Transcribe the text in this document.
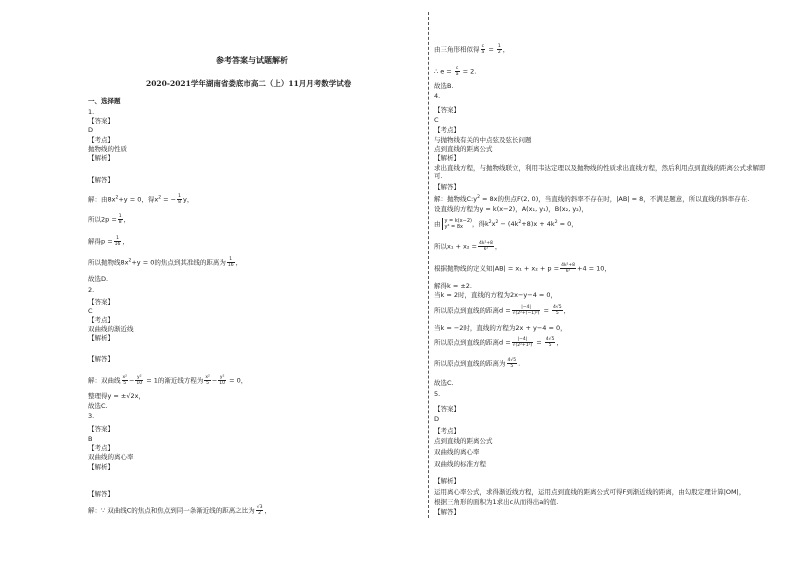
参考答案与试题解析
2020-2021学年湖南省娄底市高二（上）11月月考数学试卷
一、选择题
1.
【答案】
D
【考点】
抛物线的性质
【解析】
【解答】
解：由$8x^2+y = 0$，得$x^2$ = − $\frac{1}{8}$ y，
所以$2p = \frac{1}{8}$ ，
解得$p = \frac{1}{16}$ ，
所以抛物线$8x^2+y = 0$的焦点到其准线的距离为 $\frac{1}{16}$ ，
故选D.
2.
【答案】
C
【考点】
双曲线的渐近线
【解析】
【解答】
解：双曲线 $\frac{\text{x²}}{5} - \frac{\text{y²}}{10} = 1$的渐近线方程为 $\frac{\text{x²}}{5} - \frac{\text{y²}}{10} = 0$，
整理得y = ±√2x，
故选C.
3.
【答案】
B
【考点】
双曲线的离心率
【解析】
【解答】
解：∵ 双曲线C的焦点和焦点到同一条渐近线的距离之比为 $\frac{√3}{2}$ ，
由三角形相似得 $\frac{c}{a} = \frac{1}{2}$ ，
∴ $e = \frac{c}{a} = 2$.
故选B.
4.
【答案】
C
【考点】
与抛物线有关的中点弦及弦长问题
点到直线的距离公式
【解析】
求出直线方程，与抛物线联立，利用韦达定理以及抛物线的性质求出直线方程，然后利用点到直线的距离公式求解即可.
【解答】
解：抛物线$C:y^2 = 8x$的焦点F(2, 0)，当直线的斜率不存在时，|AB| = 8，不满足题意，所以直线的斜率存在.
设直线的方程为y = k(x−2)，A(x₁, y₁)，B(x₂, y₂)，
由 y = k(x−2)
y² = 8x ，得$k^2x^2 - (4k^2+8)x + 4k^2 = 0$，
所以$x_1 + x_2 = \frac{\text{4k²+8}}{\text{k²}}$ ，
根据抛物线的定义知$|AB| = x_1 + x_2 + p = \frac{\text{4k²+8}}{\text{k²}} +4 = 10$，
解得k = ±2.
当k = 2时，直线的方程为2x−y−4 = 0，
所以原点到直线的距离$d = \frac{|-4|}{\text{√(2²+(−1)²)}} = \frac{4√5}{5}$ ，
当k = −2时，直线的方程为2x + y−4 = 0，
所以原点到直线的距离$d = \frac{|-4|}{\text{√(2²+1²)}} = \frac{4√5}{5}$ ，
所以原点到直线的距离为 $\frac{4√5}{5}$ .
故选C.
5.
【答案】
D
【考点】
点到直线的距离公式
双曲线的离心率
双曲线的标准方程
【解析】
运用离心率公式，求得渐近线方程，运用点到直线的距离公式可得F到渐近线的距离，由勾股定理计算|OM|，
根据三角形的面积为1求出c从而得出a的值.
【解答】
